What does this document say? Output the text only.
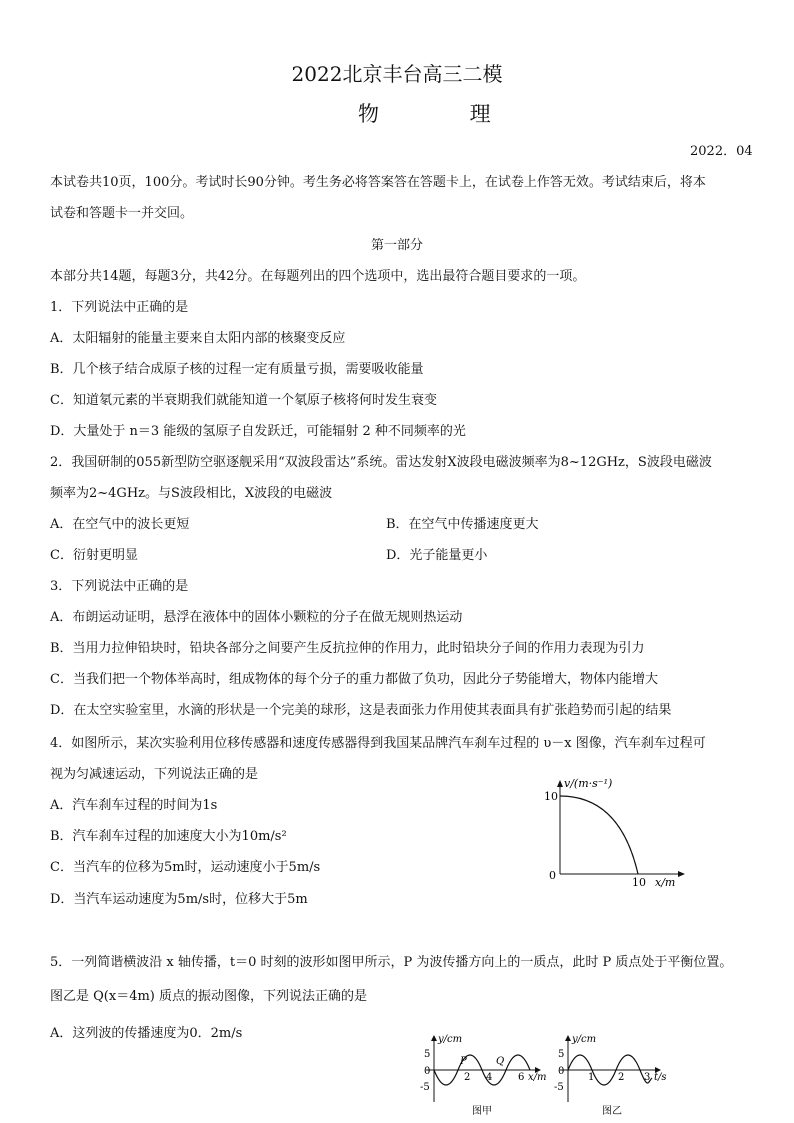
2022北京丰台高三二模
物 理
2022．04
本试卷共10页，100分。考试时长90分钟。考生务必将答案答在答题卡上，在试卷上作答无效。考试结束后，将本
试卷和答题卡一并交回。
第一部分
本部分共14题，每题3分，共42分。在每题列出的四个选项中，选出最符合题目要求的一项。
1．下列说法中正确的是
A．太阳辐射的能量主要来自太阳内部的核聚变反应
B．几个核子结合成原子核的过程一定有质量亏损，需要吸收能量
C．知道氡元素的半衰期我们就能知道一个氡原子核将何时发生衰变
D．大量处于 n＝3 能级的氢原子自发跃迁，可能辐射 2 种不同频率的光
2．我国研制的055新型防空驱逐舰采用“双波段雷达”系统。雷达发射X波段电磁波频率为8~12GHz，S波段电磁波
频率为2~4GHz。与S波段相比，X波段的电磁波
A．在空气中的波长更短	B．在空气中传播速度更大
C．衍射更明显	D．光子能量更小
3．下列说法中正确的是
A．布朗运动证明，悬浮在液体中的固体小颗粒的分子在做无规则热运动
B．当用力拉伸铅块时，铅块各部分之间要产生反抗拉伸的作用力，此时铅块分子间的作用力表现为引力
C．当我们把一个物体举高时，组成物体的每个分子的重力都做了负功，因此分子势能增大，物体内能增大
D．在太空实验室里，水滴的形状是一个完美的球形，这是表面张力作用使其表面具有扩张趋势而引起的结果
4．如图所示，某次实验利用位移传感器和速度传感器得到我国某品牌汽车刹车过程的 υ－x 图像，汽车刹车过程可
视为匀减速运动，下列说法正确的是
A．汽车刹车过程的时间为1s
B．汽车刹车过程的加速度大小为10m/s²
C．当汽车的位移为5m时，运动速度小于5m/s
D．当汽车运动速度为5m/s时，位移大于5m
v/(m·s⁻¹)
10
10 x/m
0
5．一列简谐横波沿 x 轴传播，t＝0 时刻的波形如图甲所示，P 为波传播方向上的一质点，此时 P 质点处于平衡位置。
图乙是 Q(x＝4m) 质点的振动图像，下列说法正确的是
A．这列波的传播速度为0．2m/s	y/cm
5
0
-5
P	Q
2 4	6 x/m
图甲
y/cm
5
0
-5
1 2 3 t/s
图乙
